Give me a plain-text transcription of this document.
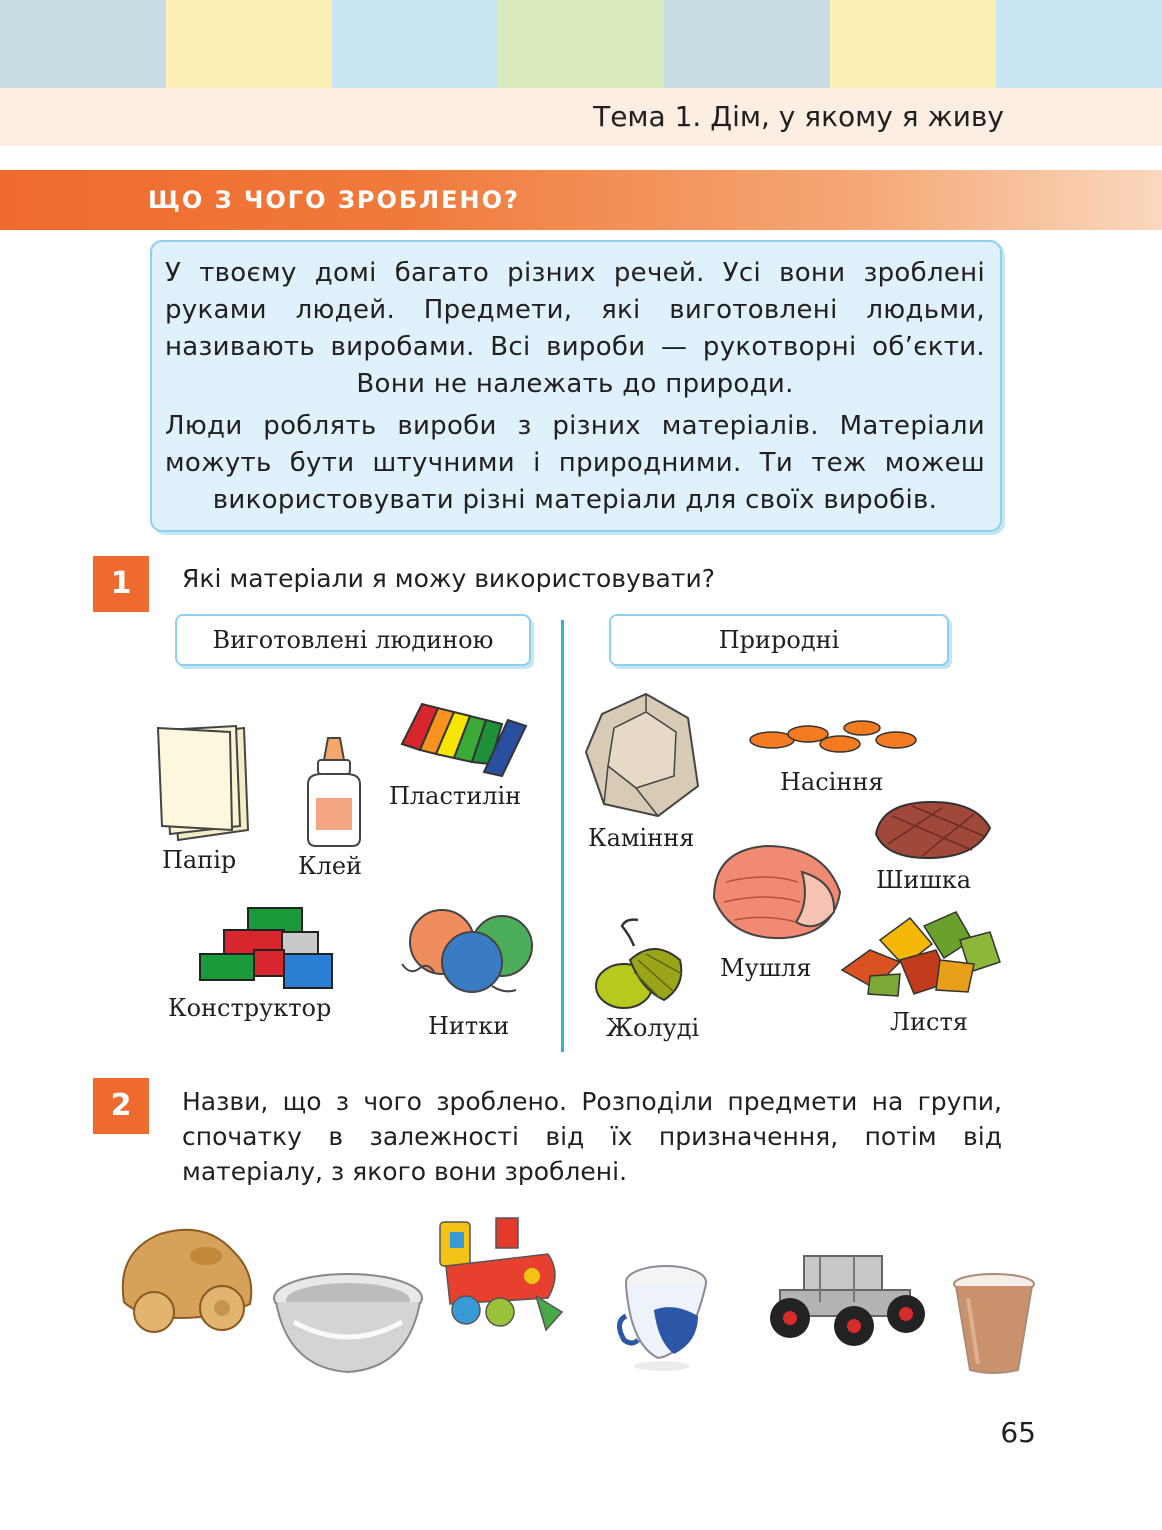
Тема 1. Дім, у якому я живу
ЩО З ЧОГО ЗРОБЛЕНО?
У твоєму домі багато різних речей. Усі вони зроблені руками людей. Предмети, які виготовлені людьми, називають виробами. Всі вироби — рукотворні об’єкти. Вони не належать до природи.
Люди роблять вироби з різних матеріалів. Матеріали можуть бути штучними і природними. Ти теж можеш використовувати різні матеріали для своїх виробів.
1	Які матеріали я можу використовувати?
Виготовлені людиною	Природні
Папір	Клей
Пластилін
Конструктор
Нитки
Каміння
Насіння
Шишка
Мушля
Жолуді	Листя
2	Назви, що з чого зроблено. Розподіли предмети на групи, спочатку в залежності від їх призначення, потім від матеріалу, з якого вони зроблені.
65
